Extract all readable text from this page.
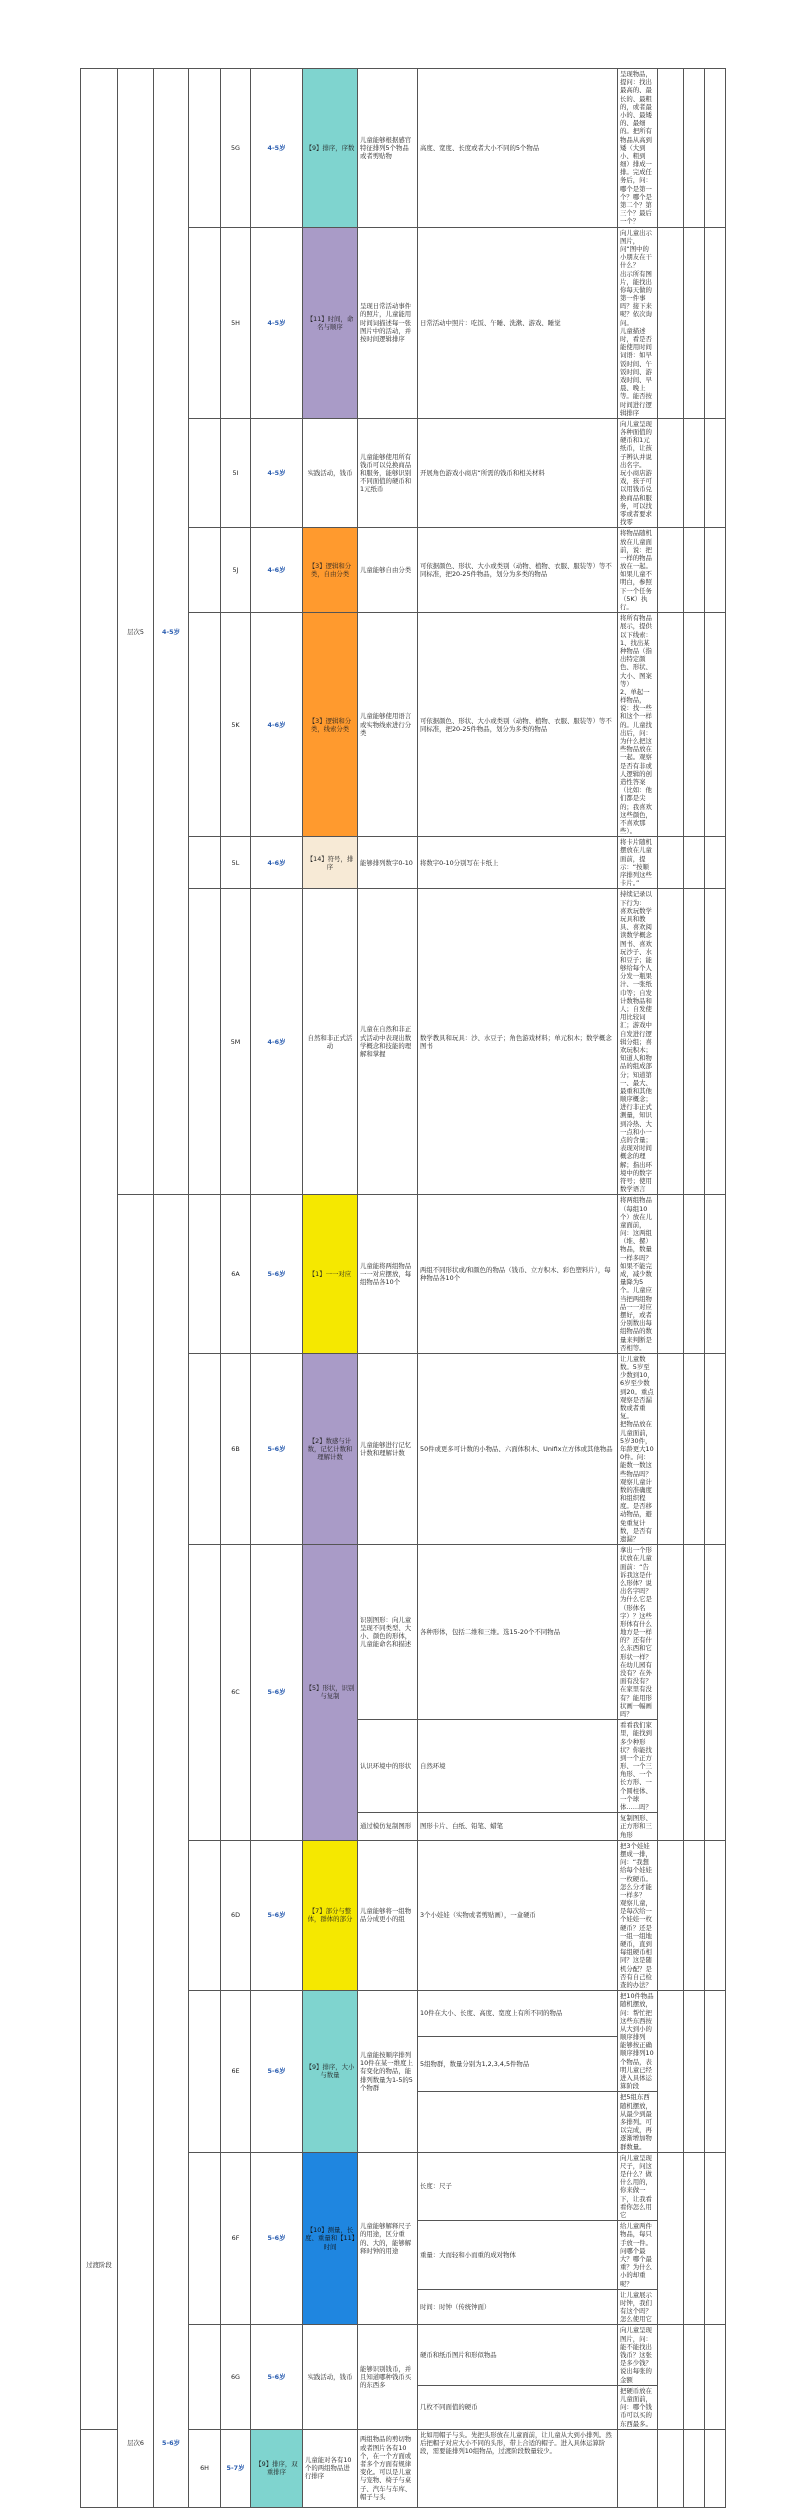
过渡阶段	层次5	4-5岁		5G	4-5岁	【9】排序，序数	儿童能够根据感官特征排列5个物品或者剪贴物	高度、宽度、长度或者大小不同的5个物品	呈现物品，提问：找出最高的、最长的、最粗的，或者最小的、最矮的、最细的。把所有物品从高到矮（大到小、粗到细）排成一排。完成任务后，问：哪个是第一个？哪个是第二个？第三个？最后一个？				
				5H	4-5岁	【11】时间，命名与顺序	呈现日常活动事件的照片，儿童能用时间词描述每一张图片中的活动，并按时间逻辑排序	日常活动中照片：吃饭、午睡、洗漱、游戏、睡觉	向儿童出示图片，问“图中的小朋友在干什么？
出示所有图片，能找出你每天做的第一件事吗？接下来呢？依次询问。
儿童描述时，看是否能使用时间词语：如早饭时间、午饭时间、游戏时间、早晨、晚上等。能否按时间进行逻辑排序				

				5I	4-5岁	实践活动，钱币	儿童能够使用所有钱币可以兑换商品和服务，能够识别不同面值的硬币和1元纸币	开展角色游戏小商店“所需的钱币和相关材料	向儿童呈现各种面值的硬币和1元纸币，让孩子辨认并说出名字。
玩小商店游戏，孩子可以用钱币兑换商品和服务，可以找零或者要求找零				

				5J	4-6岁	【3】逻辑和分类，自由分类	儿童能够自由分类	可依据颜色、形状、大小或类别（动物、植物、衣服、服装等）等不同标准，把20-25件物品，划分为多类的物品	将物品随机放在儿童面前，说：把一样的物品放在一起。
如果儿童不明白，参照下一个任务（5K）执行。				

				5K	4-6岁	【3】逻辑和分类，线索分类	儿童能够使用语言或实物线索进行分类	可依据颜色、形状、大小或类别（动物、植物、衣服、服装等）等不同标准，把20-25件物品，划分为多类的物品	将所有物品展示，提供以下线索：
1、找出某种物品（指出特定颜色、形状、大小、图案等）
2、单起一样物品，说：找一些和这个一样的。儿童找出后，问：为什么把这些物品放在一起。观察是否有非或人逻辑的创造性答案（比如：他们都是尖的；我喜欢这些颜色，不喜欢那些）。				

				5L	4-6岁	【14】符号，排序	能够排列数字0-10	将数字0-10分别写在卡纸上	将卡片随机摆放在儿童面前，提示：“按顺序排列这些卡片。”				
				5M	4-6岁	自然和非正式活动	儿童在自然和非正式活动中表现出数学概念和技能的理解和掌握	数学教具和玩具：沙、水豆子；角色游戏材料；单元积木；数学概念图书	持续记录以下行为：
喜欢玩数学玩具和教具、喜欢阅读数学概念图书、喜欢玩沙子、水和豆子；能够给每个人分发一瓶果汁、一张纸巾等；自发计数物品和人；自发使用比较词汇；游戏中自发进行逻辑分组；喜欢玩积木；知道人和物品的组成部分；知道第一、最大、最重和其他顺序概念；进行非正式测量，知识到冷热、大一点和小一点的含量；表现对时间概念的理解；指出环境中的数字符号；使用数学语言				

	层次6	5-6岁		6A	5-6岁	【1】一一对应	儿童能将两组物品一一对应摆放，每组物品各10个	两组不同形状或/和颜色的物品（钱币、立方积木、彩色塑料片），每种物品各10个	将两组物品（每组10个）放在儿童面前，问：这两组（堆、摞）物品，数量一样多吗？如果不能完成，减少数量降为5个。儿童应当把两组物品一一对应摆好，或者分别数出每组物品的数量来判断是否相等。				
				6B	5-6岁	【2】数感与计数，记忆计数和理解计数	儿童能够进行记忆计数和理解计数	50件或更多可计数的小物品、六面体积木、Unifix立方体或其他物品	让儿童数数。5岁至少数到10，6岁至少数到20。重点观察是否漏数或者重复。
把物品放在儿童面前，5岁30件，年龄更大100件。问：能数一数这些物品吗？
观察儿童计数的准确度和组织程度。是否移动物品，避免重复计数，是否有遗漏？				

				6C	5-6岁	【5】形状，识别与复制	识别图形：向儿童呈现不同类型、大小、颜色的形体，儿童能命名和描述	各种形体，包括二维和三维。选15-20个不同物品	拿出一个形状放在儿童面前：“告诉我这是什么形体？说出名字吗？为什么它是（形体名字）？这些形体有什么地方是一样的？还有什么东西和它形状一样？在幼儿园有没有？在外面有没有？在家里有没有？能用形状画一幅画吗？				
							认识环境中的形状	自然环境	看看我们家里，能找到多少种形状？你能找到一个正方形、一个三角形、一个长方形、一个圆柱体、一个球体……吗？				
							通过模仿复制图形	图形卡片、白纸、铅笔、蜡笔	复制图形、正方形和三角形				
				6D	5-6岁	【7】部分与整体，群体的部分	儿童能够将一组物品分成更小的组	3个小娃娃（实物或者剪贴画），一盒硬币	把3个娃娃摆成一排，问：“我想给每个娃娃一枚硬币。怎么分才能一样多？
观察儿童，是每次给一个娃娃一枚硬币？还是一组一组地硬币，直到每组硬币相同？这是随机分配？是否有自己检查的办法？				

				6E	5-6岁	【9】排序，大小与数量	儿童能按顺序排列10件在某一维度上有变化的物品，能排列数量为1-5的5个物群	10件在大小、长度、高度、宽度上有所不同的物品	把10件物品随机摆放，问：帮忙把这些东西按从大到小的顺序排列
能够按正确顺序排列10个物品，表明儿童已经进入具体运算阶段				

								5组物群，数量分别为1,2,3,4,5件物品					

									把5组东西随机摆放，从最少到最多排列。可以完成，再逐渐增加物群数量。				

				6F	5-6岁	【10】测量，长度、重量和【11】时间	儿童能够解释尺子的用途，区分重的、大的，能够解释时钟的用途	长度：尺子	向儿童呈现尺子，问这是什么？做什么用的，你来做一下，让我看看你怎么用它				
								重量：大而轻和小而重的成对物体	给儿童两件物品，每只手放一件。问哪个最大？哪个最重？为什么小的却重呢？				
								时间：时钟（传统钟面）	让儿童展示时钟，我们有这个吗？怎么使用它				
				6G	5-6岁	实践活动，钱币	能够识别钱币，并且知道哪种钱币买的东西多	硬币和纸币图片和形似物品	向儿童呈现图片，问：能不能找出钱币？这张是多少钱？说出每张的金额				
								几枚不同面值的硬币	把硬币放在儿童面前，问：哪个钱币可以买的东西最多。				
			6H	5-7岁	【9】排序，双重排序	儿童能对各有10个的两组物品进行排序	两组物品的剪切物或者图片各有10个，在一个方面或者多个方面有规律变化。可以是儿童与宠物、椅子与桌子、汽车与车库、帽子与头	比如用帽子与头。先把头形放在儿童面前，让儿童从大到小排列。然后把帽子对应大小不同的头形，带上合适的帽子。进入具体运算阶段，需要能排列10组物品，过渡阶段数量较少。					
